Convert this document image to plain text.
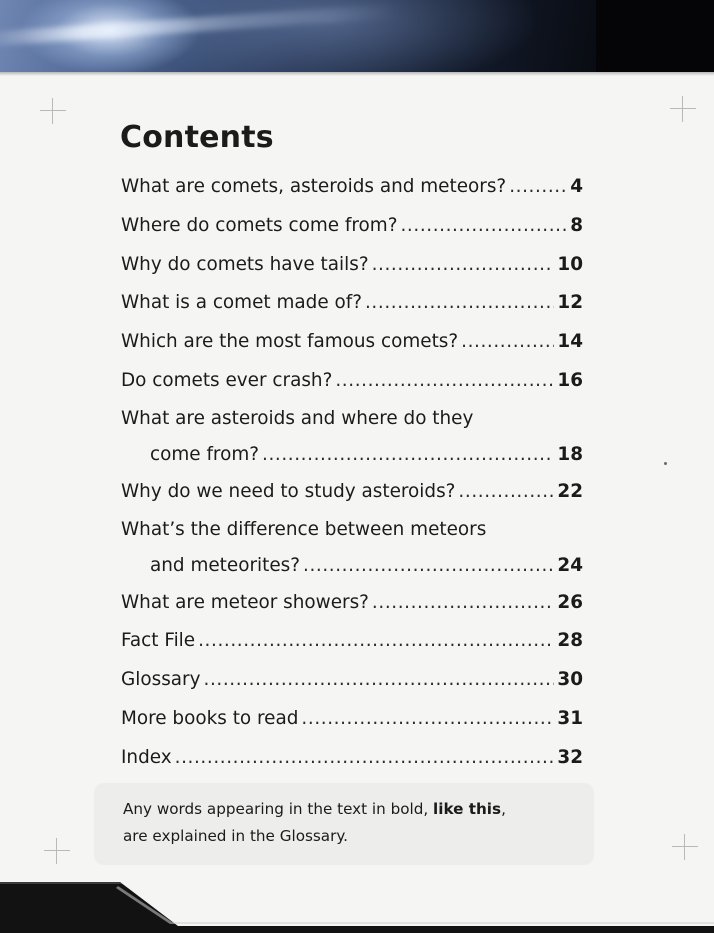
Contents
What are comets, asteroids and meteors? .....	4
Where do comets come from? .....	8
Why do comets have tails? .....	10
What is a comet made of? .....	12
Which are the most famous comets? .....	14
Do comets ever crash? .....	16
What are asteroids and where do they
come from? .....	18
Why do we need to study asteroids? .....	22
What’s the difference between meteors
and meteorites? .....	24
What are meteor showers? .....	26
Fact File .....	28
Glossary .....	30
More books to read .....	31
Index .....	32
Any words appearing in the text in bold, like this,
are explained in the Glossary.
